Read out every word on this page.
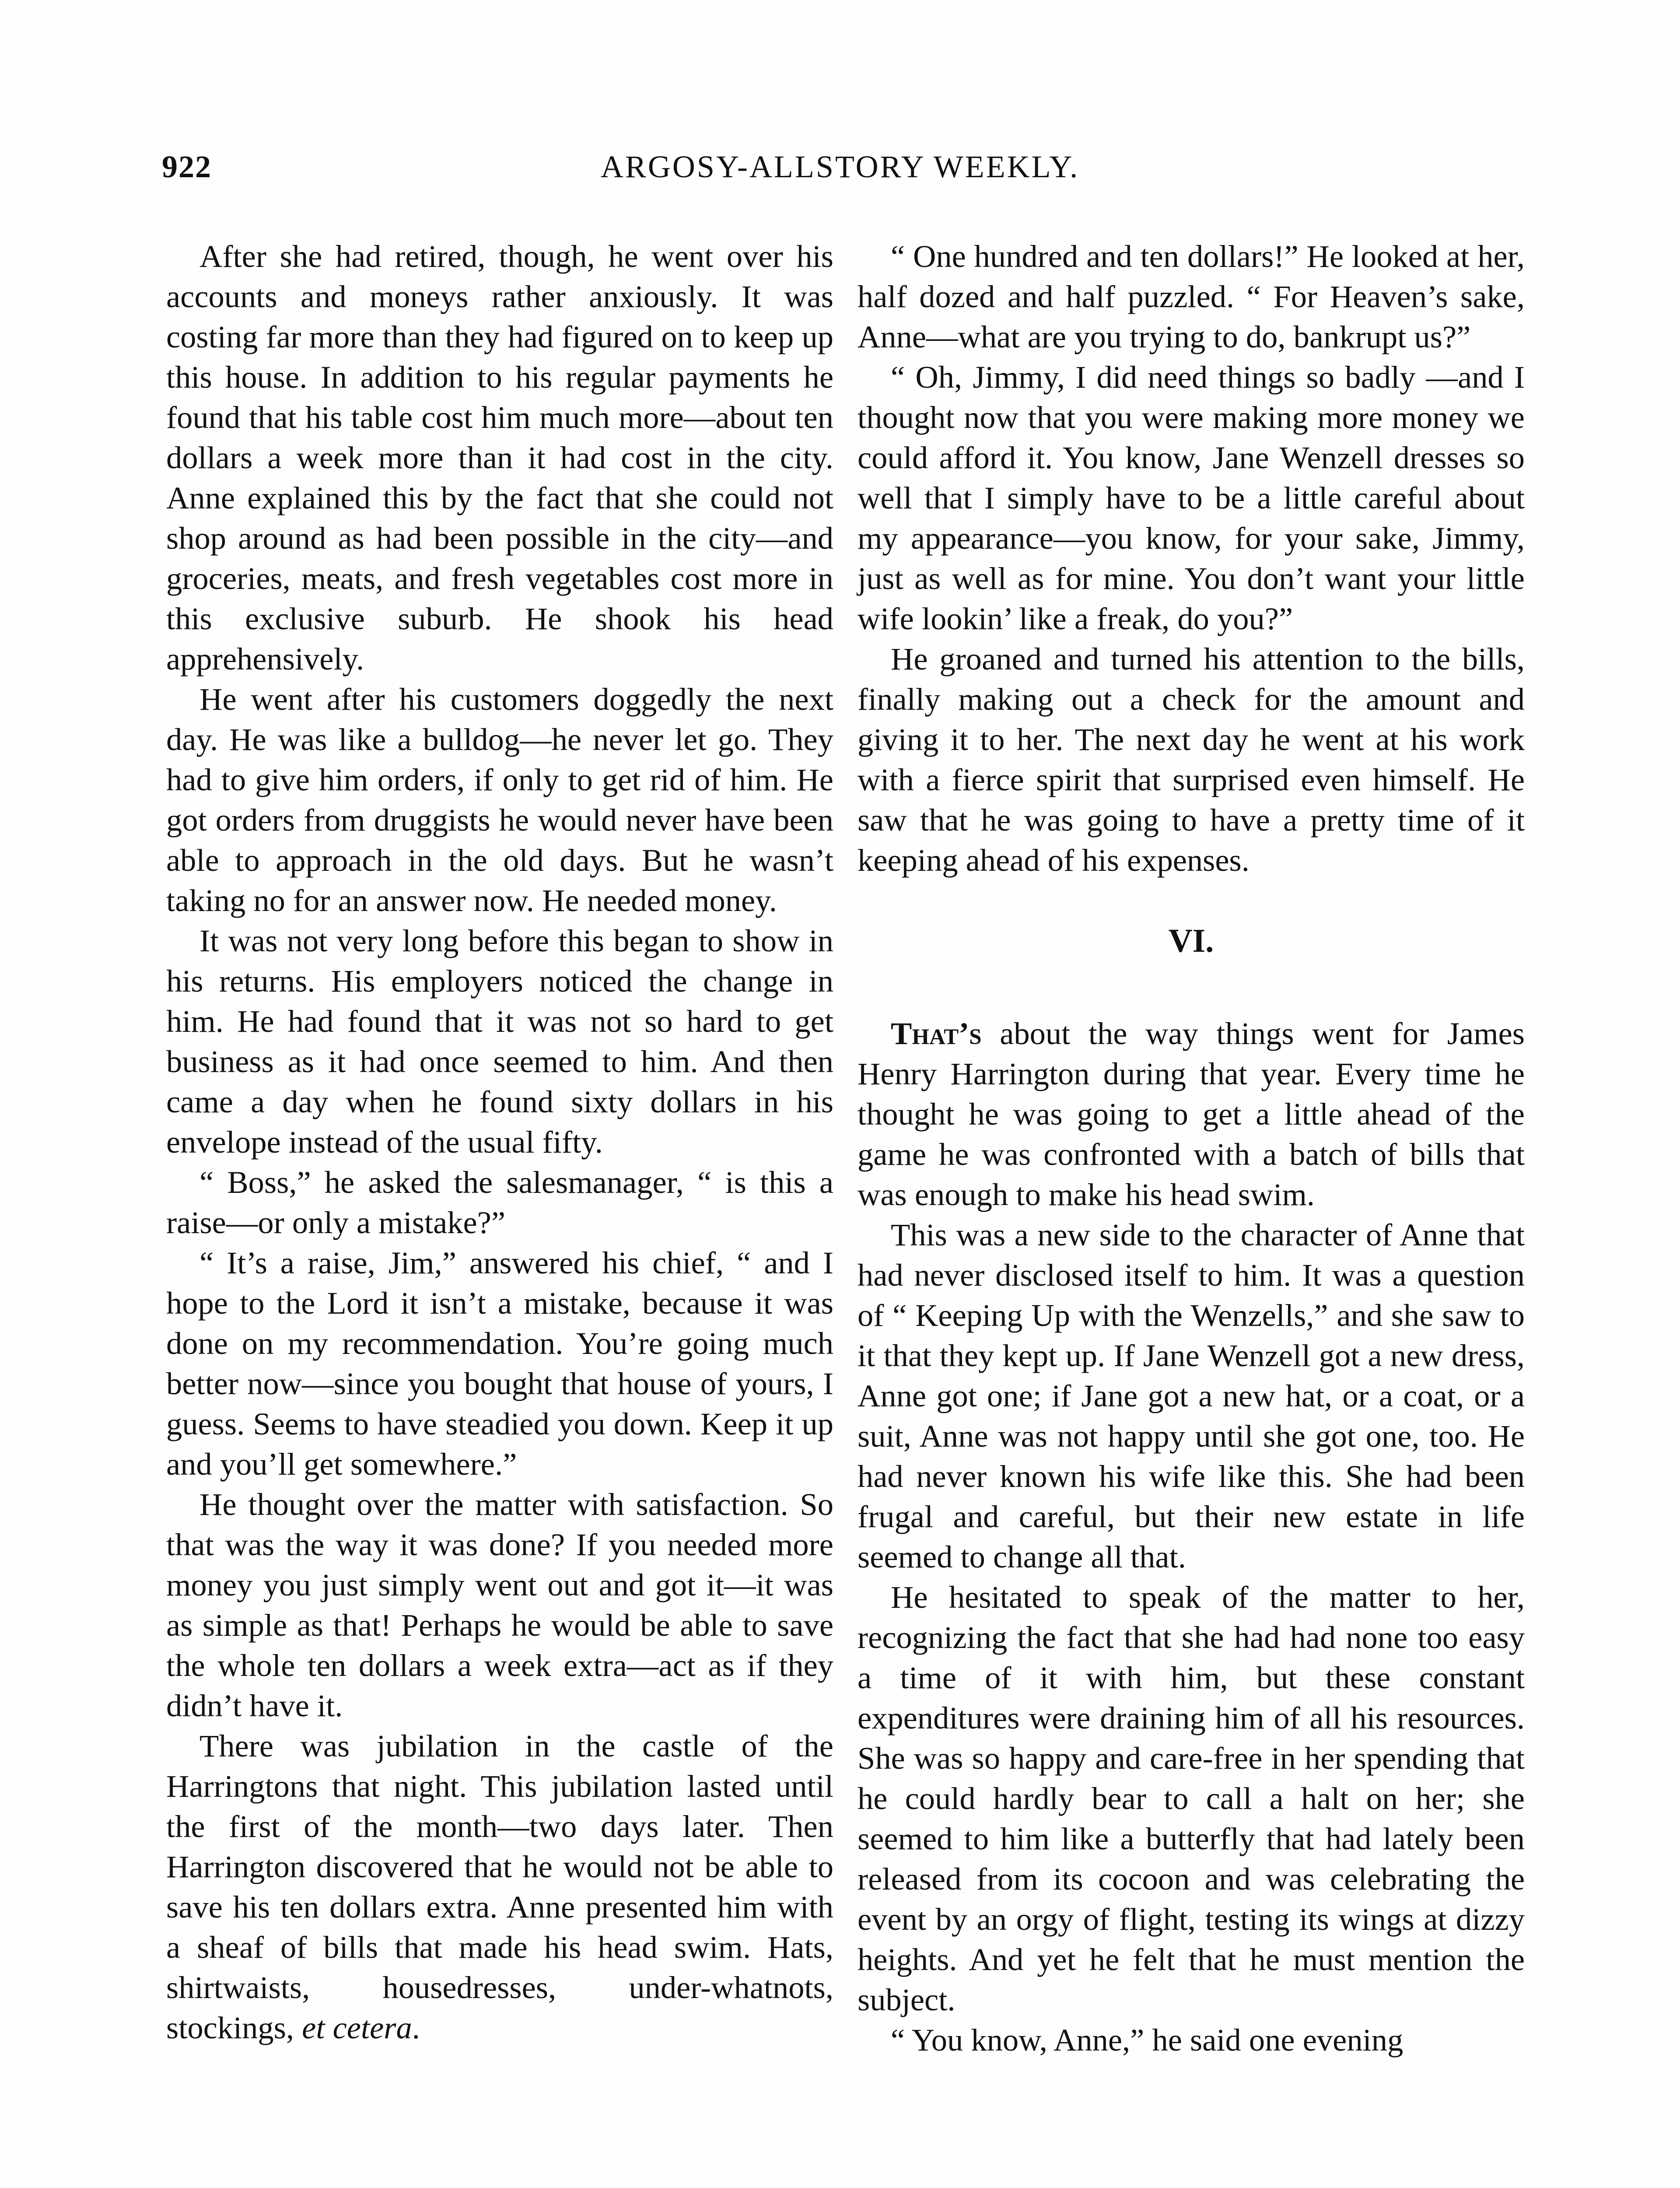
922	ARGOSY-ALLSTORY WEEKLY.

After she had retired, though, he went over his accounts and moneys rather anxiously. It was costing far more than they had figured on to keep up this house. In addition to his regular payments he found that his table cost him much more—about ten dollars a week more than it had cost in the city. Anne explained this by the fact that she could not shop around as had been possible in the city—and groceries, meats, and fresh vegetables cost more in this exclusive suburb. He shook his head apprehensively.

He went after his customers doggedly the next day. He was like a bulldog—he never let go. They had to give him orders, if only to get rid of him. He got orders from druggists he would never have been able to approach in the old days. But he wasn’t taking no for an answer now. He needed money.

It was not very long before this began to show in his returns. His employers noticed the change in him. He had found that it was not so hard to get business as it had once seemed to him. And then came a day when he found sixty dollars in his envelope instead of the usual fifty.

“ Boss,” he asked the salesmanager, “ is this a raise—or only a mistake?”

“ It’s a raise, Jim,” answered his chief, “ and I hope to the Lord it isn’t a mistake, because it was done on my recommendation. You’re going much better now—since you bought that house of yours, I guess. Seems to have steadied you down. Keep it up and you’ll get somewhere.”

He thought over the matter with satisfaction. So that was the way it was done? If you needed more money you just simply went out and got it—it was as simple as that! Perhaps he would be able to save the whole ten dollars a week extra—act as if they didn’t have it.

There was jubilation in the castle of the Harringtons that night. This jubilation lasted until the first of the month—two days later. Then Harrington discovered that he would not be able to save his ten dollars extra. Anne presented him with a sheaf of bills that made his head swim. Hats, shirtwaists, housedresses, under-whatnots, stockings, et cetera.

“ One hundred and ten dollars!” He looked at her, half dozed and half puzzled. “ For Heaven’s sake, Anne—what are you trying to do, bankrupt us?”

“ Oh, Jimmy, I did need things so badly —and I thought now that you were making more money we could afford it. You know, Jane Wenzell dresses so well that I simply have to be a little careful about my appearance—you know, for your sake, Jimmy, just as well as for mine. You don’t want your little wife lookin’ like a freak, do you?”

He groaned and turned his attention to the bills, finally making out a check for the amount and giving it to her. The next day he went at his work with a fierce spirit that surprised even himself. He saw that he was going to have a pretty time of it keeping ahead of his expenses.

VI.

That’s about the way things went for James Henry Harrington during that year. Every time he thought he was going to get a little ahead of the game he was confronted with a batch of bills that was enough to make his head swim.

This was a new side to the character of Anne that had never disclosed itself to him. It was a question of “ Keeping Up with the Wenzells,” and she saw to it that they kept up. If Jane Wenzell got a new dress, Anne got one; if Jane got a new hat, or a coat, or a suit, Anne was not happy until she got one, too. He had never known his wife like this. She had been frugal and careful, but their new estate in life seemed to change all that.

He hesitated to speak of the matter to her, recognizing the fact that she had had none too easy a time of it with him, but these constant expenditures were draining him of all his resources. She was so happy and care-free in her spending that he could hardly bear to call a halt on her; she seemed to him like a butterfly that had lately been released from its cocoon and was celebrating the event by an orgy of flight, testing its wings at dizzy heights. And yet he felt that he must mention the subject.

“ You know, Anne,” he said one evening
